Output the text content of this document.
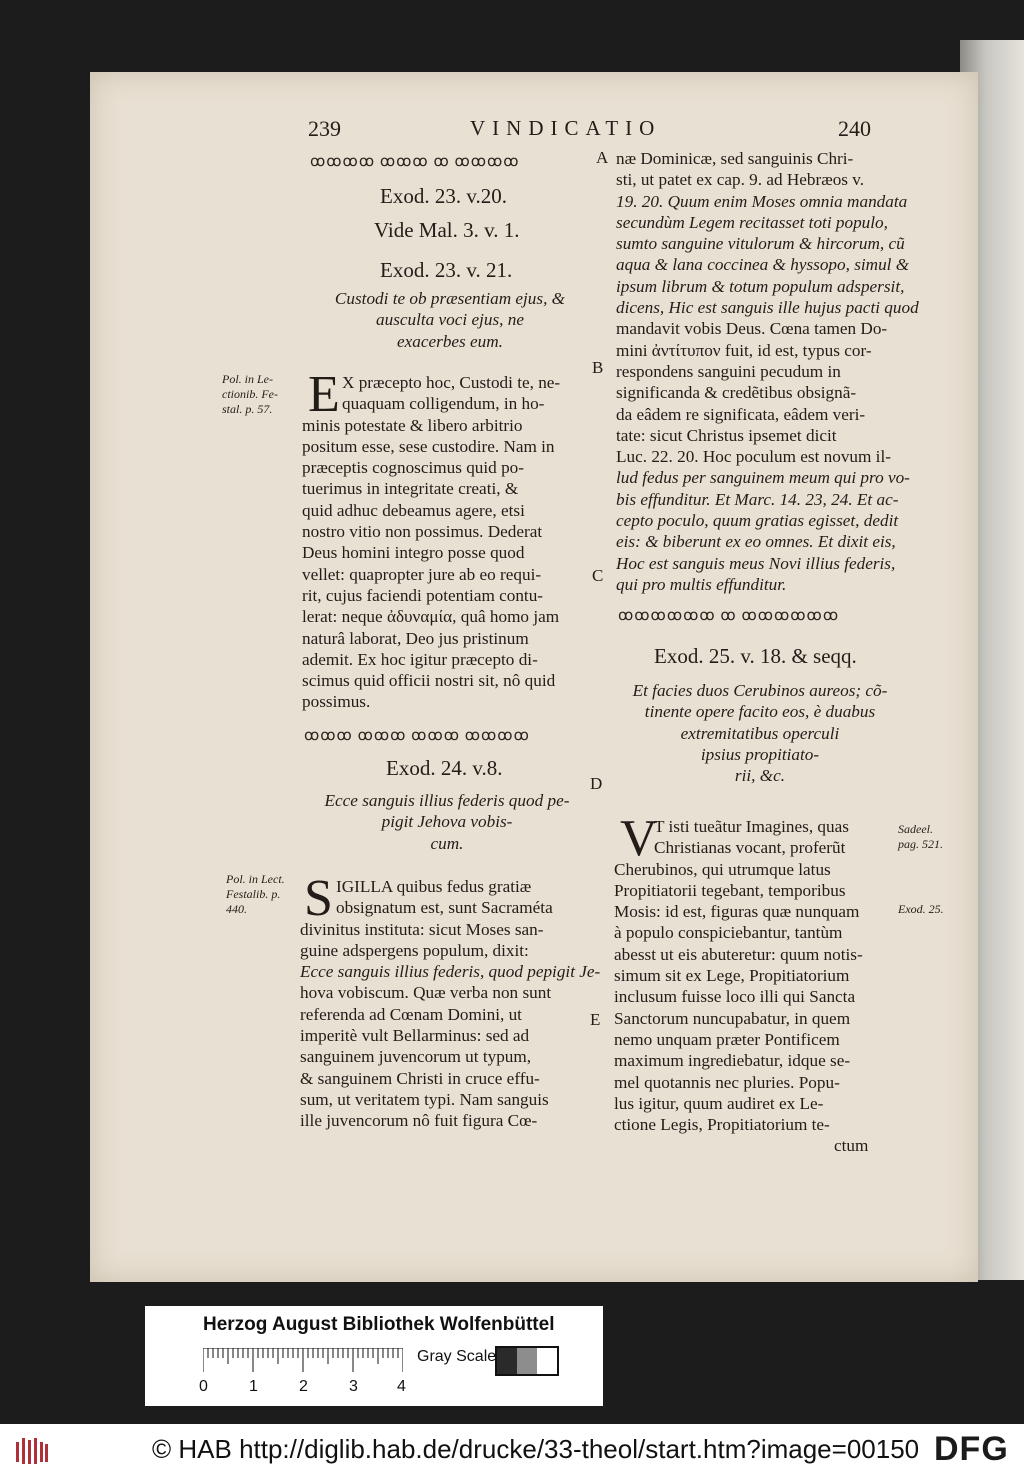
239	VINDICATIO	240
A
B
C
D
E
ꝏꝏꝏꝏ ꝏꝏꝏ ꝏ ꝏꝏꝏꝏ
Exod. 23. v.20.
Vide Mal. 3. v. 1.
Exod. 23. v. 21.
Custodi te ob præsentiam ejus, &
ausculta voci ejus, ne
exacerbes eum.
Pol. in Le-
ctionib. Fe-
stal. p. 57. E X præcepto hoc, Custodi te, ne-
quaquam colligendum, in ho-
minis potestate & libero arbitrio
positum esse, sese custodire. Nam in
præceptis cognoscimus quid po-
tuerimus in integritate creati, &
quid adhuc debeamus agere, etsi
nostro vitio non possimus. Dederat
Deus homini integro posse quod
vellet: quapropter jure ab eo requi-
rit, cujus faciendi potentiam contu-
lerat: neque ἀδυναμία, quâ homo jam
naturâ laborat, Deo jus pristinum
ademit. Ex hoc igitur præcepto di-
scimus quid officii nostri sit, nô quid
possimus.
ꝏꝏꝏ ꝏꝏꝏ ꝏꝏꝏ ꝏꝏꝏꝏ
Exod. 24. v.8.
Ecce sanguis illius federis quod pe-
pigit Jehova vobis-
cum.
Pol. in Lect.
Festalib. p.
440.	S IGILLA quibus fedus gratiæ
obsignatum est, sunt Sacraméta
divinitus instituta: sicut Moses san-
guine adspergens populum, dixit:
Ecce sanguis illius federis, quod pepigit Je-
hova vobiscum. Quæ verba non sunt
referenda ad Cœnam Domini, ut
imperitè vult Bellarminus: sed ad
sanguinem juvencorum ut typum,
& sanguinem Christi in cruce effu-
sum, ut veritatem typi. Nam sanguis
ille juvencorum nô fuit figura Cœ-
næ Dominicæ, sed sanguinis Chri-
sti, ut patet ex cap. 9. ad Hebræos v.
19. 20. Quum enim Moses omnia mandata
secundùm Legem recitasset toti populo,
sumto sanguine vitulorum & hircorum, cũ
aqua & lana coccinea & hyssopo, simul &
ipsum librum & totum populum adspersit,
dicens, Hic est sanguis ille hujus pacti quod
mandavit vobis Deus. Cœna tamen Do-
mini ἀντίτυπον fuit, id est, typus cor-
respondens sanguini pecudum in
significanda & credẽtibus obsignã-
da eâdem re significata, eâdem veri-
tate: sicut Christus ipsemet dicit
Luc. 22. 20. Hoc poculum est novum il-
lud fedus per sanguinem meum qui pro vo-
bis effunditur. Et Marc. 14. 23, 24. Et ac-
cepto poculo, quum gratias egisset, dedit
eis: & biberunt ex eo omnes. Et dixit eis,
Hoc est sanguis meus Novi illius federis,
qui pro multis effunditur.
ꝏꝏꝏꝏꝏꝏ ꝏ ꝏꝏꝏꝏꝏꝏ
Exod. 25. v. 18. & seqq.
Et facies duos Cerubinos aureos; cõ-
tinente opere facito eos, è duabus
extremitatibus operculi
ipsius propitiato-
rii, &c.
Sadeel.
pag. 521.
Exod. 25.
V
T isti tueãtur Imagines, quas
Christianas vocant, proferũt
Cherubinos, qui utrumque latus
Propitiatorii tegebant, temporibus
Mosis: id est, figuras quæ nunquam
à populo conspiciebantur, tantùm
abesst ut eis abuteretur: quum notis-
simum sit ex Lege, Propitiatorium
inclusum fuisse loco illi qui Sancta
Sanctorum nuncupabatur, in quem
nemo unquam præter Pontificem
maximum ingrediebatur, idque se-
mel quotannis nec pluries. Popu-
lus igitur, quum audiret ex Le-
ctione Legis, Propitiatorium te-
ctum
Herzog August Bibliothek Wolfenbüttel
0	1	2	3 4
Gray Scale
© HAB http://diglib.hab.de/drucke/33-theol/start.htm?image=00150 DFG
